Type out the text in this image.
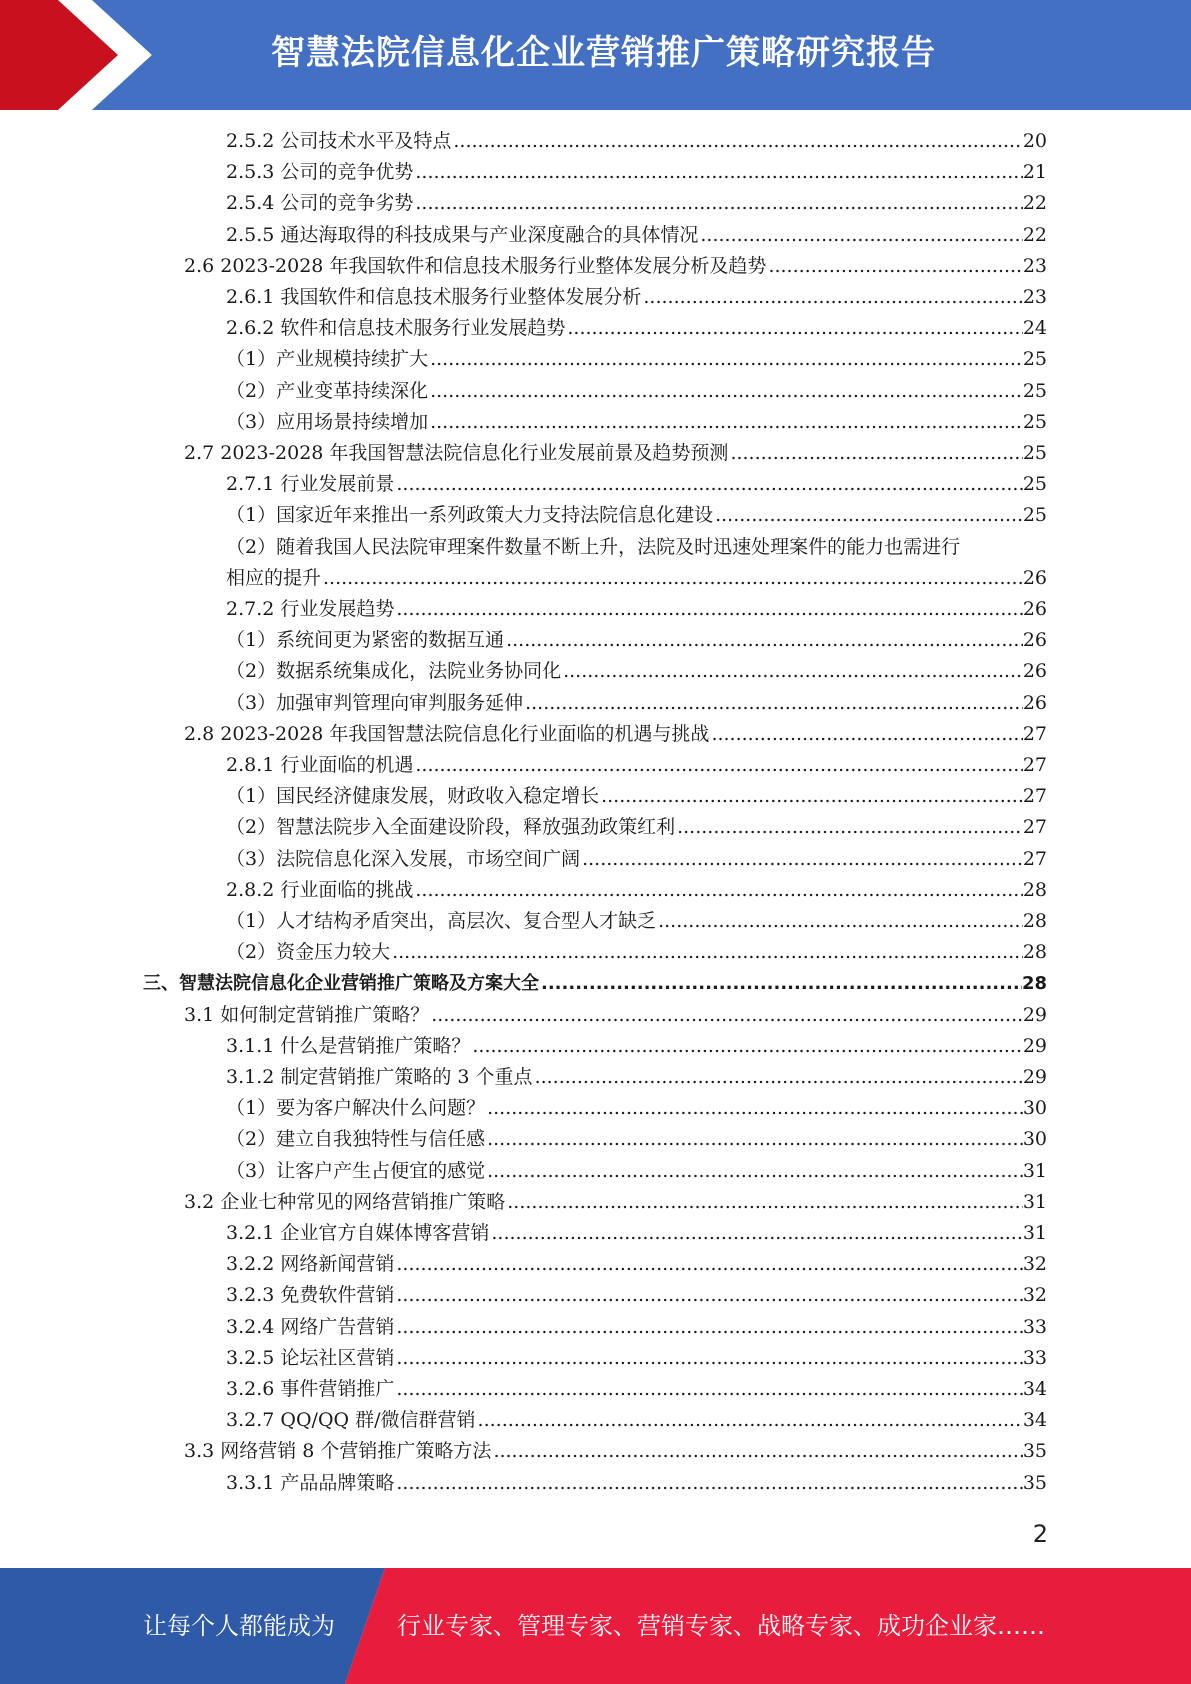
智慧法院信息化企业营销推广策略研究报告
2.5.2 公司技术水平及特点 .....	20
2.5.3 公司的竞争优势 .....	21
2.5.4 公司的竞争劣势 .....	22
2.5.5 通达海取得的科技成果与产业深度融合的具体情况 .....	22
2.6 2023-2028 年我国软件和信息技术服务行业整体发展分析及趋势 .....	23
2.6.1 我国软件和信息技术服务行业整体发展分析 .....	23
2.6.2 软件和信息技术服务行业发展趋势 .....	24
（1）产业规模持续扩大 .....	25
（2）产业变革持续深化 .....	25
（3）应用场景持续增加 .....	25
2.7 2023-2028 年我国智慧法院信息化行业发展前景及趋势预测 .....	25
2.7.1 行业发展前景 .....	25
（1）国家近年来推出一系列政策大力支持法院信息化建设 .....	25
（2）随着我国人民法院审理案件数量不断上升，法院及时迅速处理案件的能力也需进行
相应的提升 .....	26
2.7.2 行业发展趋势 .....	26
（1）系统间更为紧密的数据互通 .....	26
（2）数据系统集成化，法院业务协同化 .....	26
（3）加强审判管理向审判服务延伸 .....	26
2.8 2023-2028 年我国智慧法院信息化行业面临的机遇与挑战 .....	27
2.8.1 行业面临的机遇 .....	27
（1）国民经济健康发展，财政收入稳定增长 .....	27
（2）智慧法院步入全面建设阶段，释放强劲政策红利 .....	27
（3）法院信息化深入发展，市场空间广阔 .....	27
2.8.2 行业面临的挑战 .....	28
（1）人才结构矛盾突出，高层次、复合型人才缺乏 .....	28
（2）资金压力较大 .....	28
三、智慧法院信息化企业营销推广策略及方案大全 .....	28
3.1 如何制定营销推广策略？ .....	29
3.1.1 什么是营销推广策略？ .....	29
3.1.2 制定营销推广策略的 3 个重点 .....	29
（1）要为客户解决什么问题？ .....	30
（2）建立自我独特性与信任感 .....	30
（3）让客户产生占便宜的感觉 .....	31
3.2 企业七种常见的网络营销推广策略 .....	31
3.2.1 企业官方自媒体博客营销 .....	31
3.2.2 网络新闻营销 .....	32
3.2.3 免费软件营销 .....	32
3.2.4 网络广告营销 .....	33
3.2.5 论坛社区营销 .....	33
3.2.6 事件营销推广 .....	34
3.2.7 QQ/QQ 群/微信群营销 .....	34
3.3 网络营销 8 个营销推广策略方法 .....	35
3.3.1 产品品牌策略 .....	35
2
让每个人都能成为	行业专家、管理专家、营销专家、战略专家、成功企业家……
